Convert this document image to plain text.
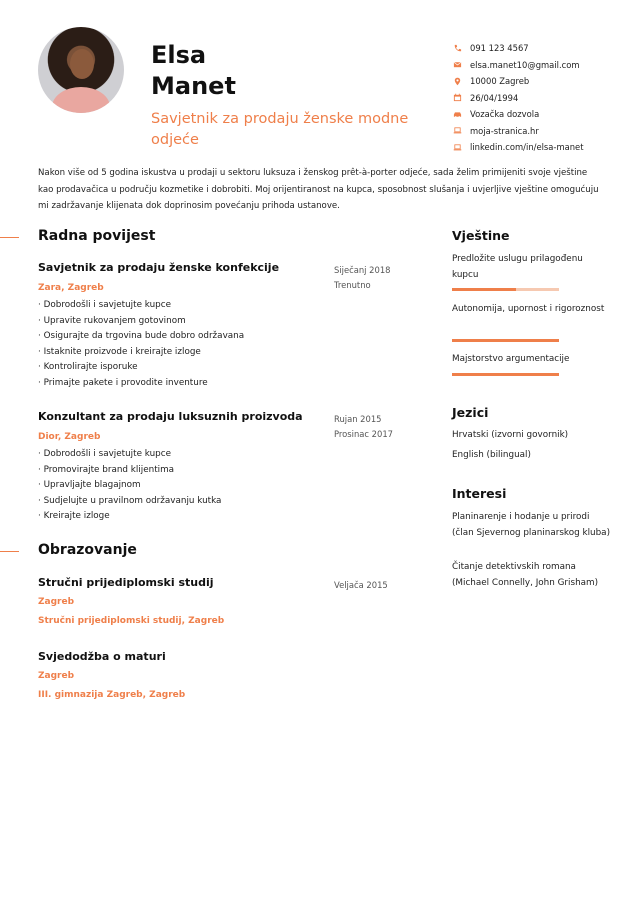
Elsa
Manet
Savjetnik za prodaju ženske modne odjeće
091 123 4567
elsa.manet10@gmail.com
10000 Zagreb
26/04/1994
Vozačka dozvola
moja-stranica.hr
linkedin.com/in/elsa-manet
Nakon više od 5 godina iskustva u prodaji u sektoru luksuza i ženskog prêt-à-porter odjeće, sada želim primijeniti svoje vještine kao prodavačica u području kozmetike i dobrobiti. Moj orijentiranost na kupca, sposobnost slušanja i uvjerljive vještine omogućuju mi zadržavanje klijenata dok doprinosim povećanju prihoda ustanove.
Radna povijest
Savjetnik za prodaju ženske konfekcije
Zara, Zagreb
Siječanj 2018
Trenutno
· Dobrodošli i savjetujte kupce
· Upravite rukovanjem gotovinom
· Osigurajte da trgovina bude dobro održavana
· Istaknite proizvode i kreirajte izloge
· Kontrolirajte isporuke
· Primajte pakete i provodite inventure
Konzultant za prodaju luksuznih proizvoda
Dior, Zagreb
Rujan 2015
Prosinac 2017
· Dobrodošli i savjetujte kupce
· Promovirajte brand klijentima
· Upravljajte blagajnom
· Sudjelujte u pravilnom održavanju kutka
· Kreirajte izloge
Obrazovanje
Stručni prijediplomski studij
Zagreb
Stručni prijediplomski studij, Zagreb
Veljača 2015
Svjedodžba o maturi
Zagreb
III. gimnazija Zagreb, Zagreb
Vještine
Predložite uslugu prilagođenu kupcu
Autonomija, upornost i rigoroznost
Majstorstvo argumentacije
Jezici
Hrvatski (izvorni govornik)
English (bilingual)
Interesi
Planinarenje i hodanje u prirodi (član Sjevernog planinarskog kluba)
Čitanje detektivskih romana (Michael Connelly, John Grisham)
